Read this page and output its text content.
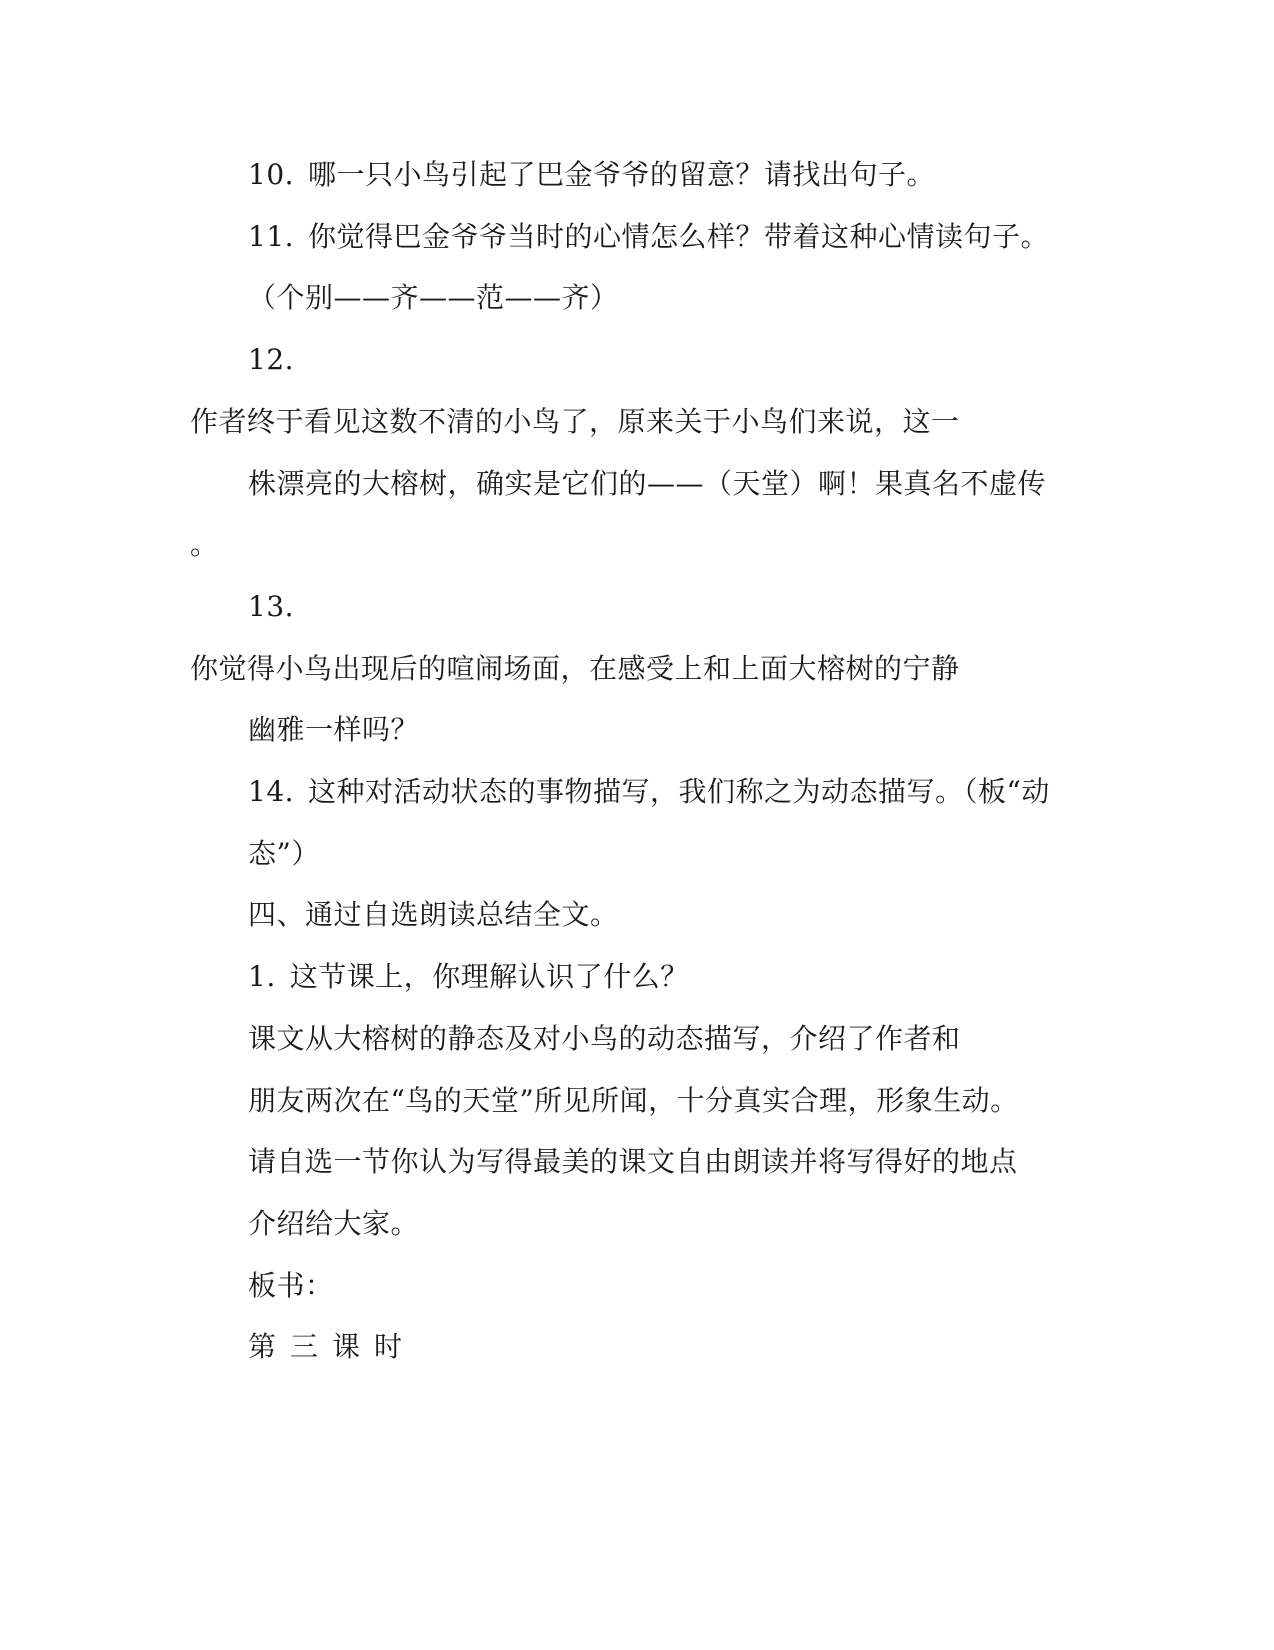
10. 哪一只小鸟引起了巴金爷爷的留意？请找出句子。
11. 你觉得巴金爷爷当时的心情怎么样？带着这种心情读句子。
（个别——齐——范——齐）
12.
作者终于看见这数不清的小鸟了，原来关于小鸟们来说，这一
株漂亮的大榕树，确实是它们的——（天堂）啊！果真名不虚传
。
13.
你觉得小鸟出现后的喧闹场面，在感受上和上面大榕树的宁静
幽雅一样吗？
14. 这种对活动状态的事物描写，我们称之为动态描写。（板“动
态”）
四、通过自选朗读总结全文。
1. 这节课上，你理解认识了什么？
课文从大榕树的静态及对小鸟的动态描写，介绍了作者和
朋友两次在“鸟的天堂”所见所闻，十分真实合理，形象生动。
请自选一节你认为写得最美的课文自由朗读并将写得好的地点
介绍给大家。
板书：
第三课时
